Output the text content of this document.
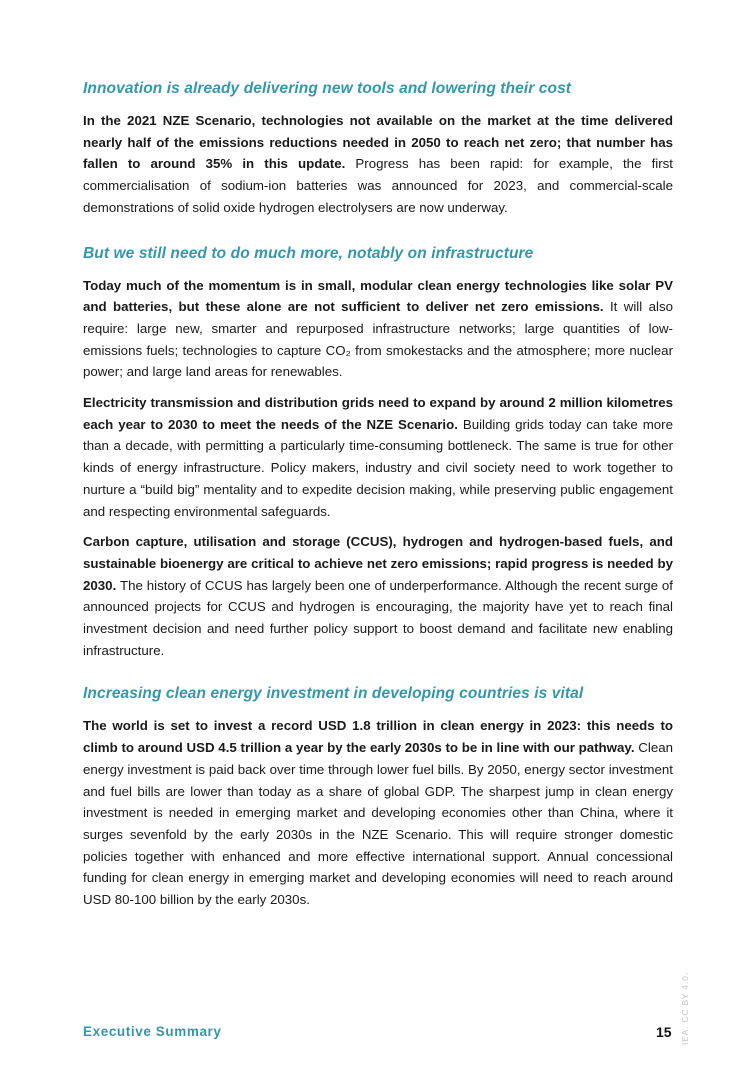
Innovation is already delivering new tools and lowering their cost

In the 2021 NZE Scenario, technologies not available on the market at the time delivered nearly half of the emissions reductions needed in 2050 to reach net zero; that number has fallen to around 35% in this update. Progress has been rapid: for example, the first commercialisation of sodium-ion batteries was announced for 2023, and commercial-scale demonstrations of solid oxide hydrogen electrolysers are now underway.

But we still need to do much more, notably on infrastructure

Today much of the momentum is in small, modular clean energy technologies like solar PV and batteries, but these alone are not sufficient to deliver net zero emissions. It will also require: large new, smarter and repurposed infrastructure networks; large quantities of low-emissions fuels; technologies to capture CO₂ from smokestacks and the atmosphere; more nuclear power; and large land areas for renewables.

Electricity transmission and distribution grids need to expand by around 2 million kilometres each year to 2030 to meet the needs of the NZE Scenario. Building grids today can take more than a decade, with permitting a particularly time-consuming bottleneck. The same is true for other kinds of energy infrastructure. Policy makers, industry and civil society need to work together to nurture a “build big” mentality and to expedite decision making, while preserving public engagement and respecting environmental safeguards.

Carbon capture, utilisation and storage (CCUS), hydrogen and hydrogen-based fuels, and sustainable bioenergy are critical to achieve net zero emissions; rapid progress is needed by 2030. The history of CCUS has largely been one of underperformance. Although the recent surge of announced projects for CCUS and hydrogen is encouraging, the majority have yet to reach final investment decision and need further policy support to boost demand and facilitate new enabling infrastructure.

Increasing clean energy investment in developing countries is vital

The world is set to invest a record USD 1.8 trillion in clean energy in 2023: this needs to climb to around USD 4.5 trillion a year by the early 2030s to be in line with our pathway. Clean energy investment is paid back over time through lower fuel bills. By 2050, energy sector investment and fuel bills are lower than today as a share of global GDP. The sharpest jump in clean energy investment is needed in emerging market and developing economies other than China, where it surges sevenfold by the early 2030s in the NZE Scenario. This will require stronger domestic policies together with enhanced and more effective international support. Annual concessional funding for clean energy in emerging market and developing economies will need to reach around USD 80-100 billion by the early 2030s.

Executive Summary	15 IEA. CC BY 4.0.
